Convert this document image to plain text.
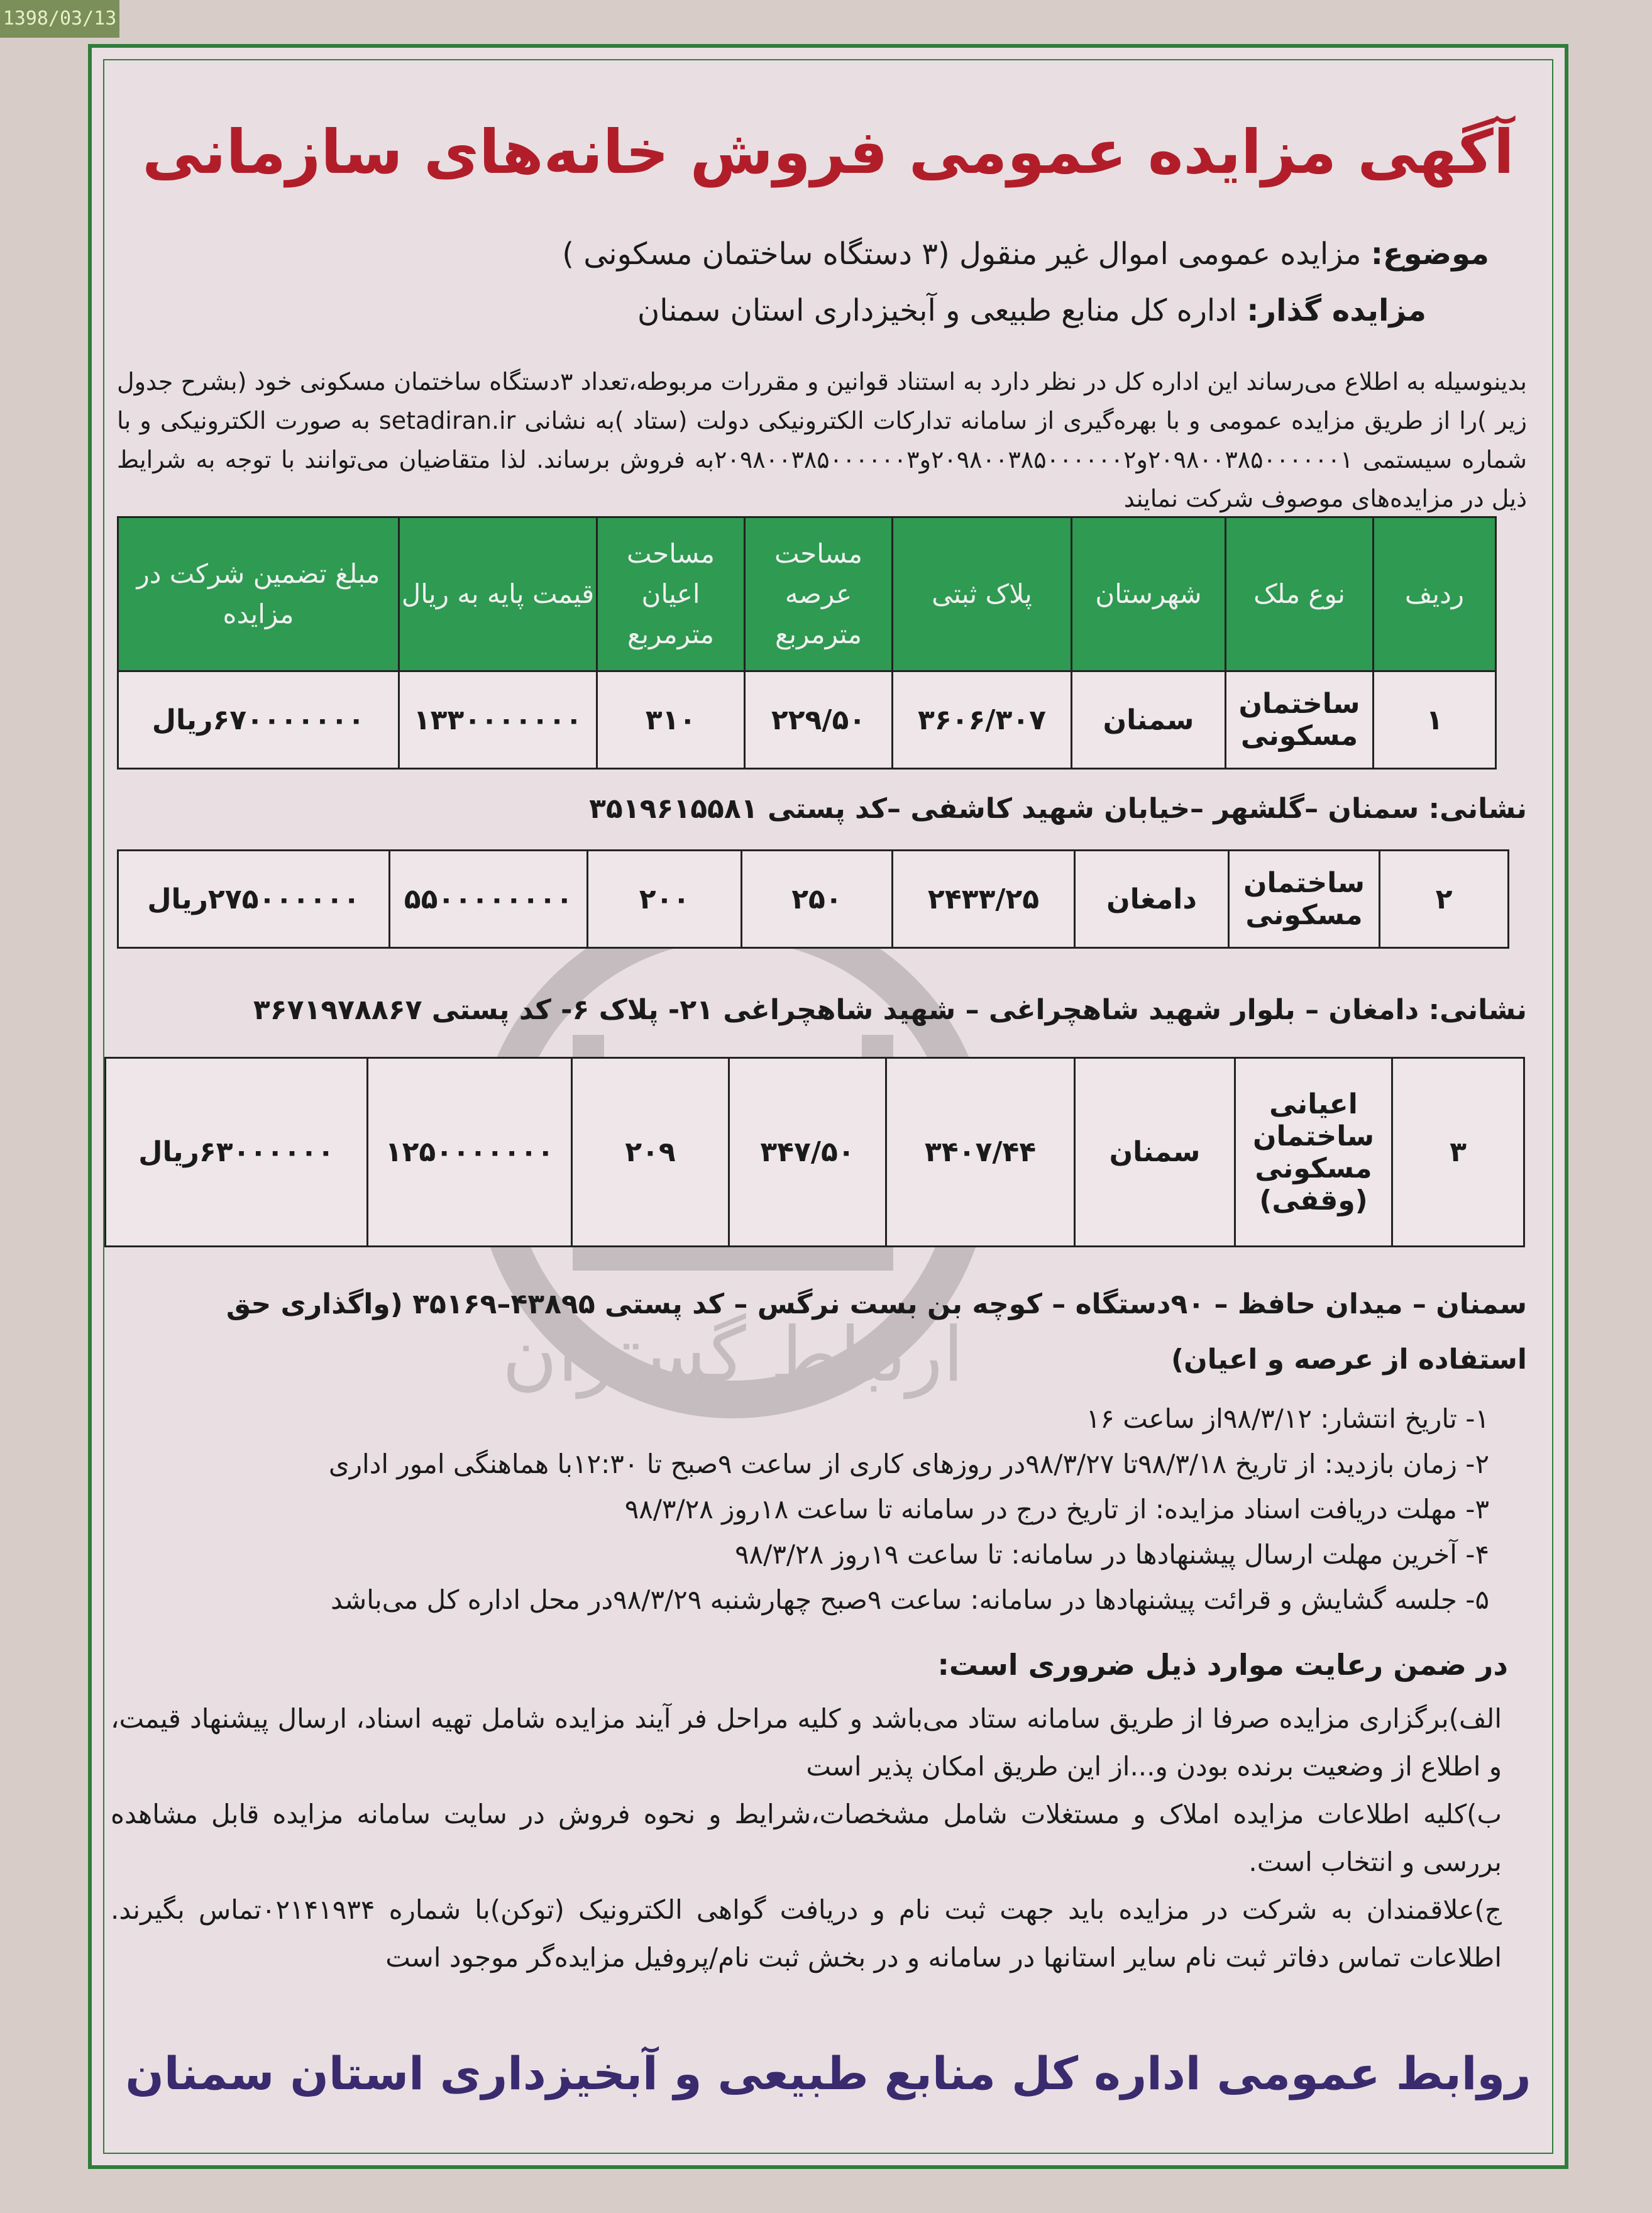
1398/03/13
آگهی مزایده عمومی فروش خانه‌های سازمانی
موضوع: مزایده عمومی اموال غیر منقول (۳ دستگاه ساختمان مسکونی )
مزایده گذار: اداره کل منابع طبیعی و آبخیزداری استان سمنان
بدینوسیله به اطلاع می‌رساند این اداره کل در نظر دارد به استناد قوانین و مقررات مربوطه،تعداد ۳دستگاه ساختمان مسکونی خود (بشرح جدول زیر )را از طریق مزایده عمومی و با بهره‌گیری از سامانه تدارکات الکترونیکی دولت (ستاد )به نشانی setadiran.ir به صورت الکترونیکی و با شماره سیستمی ۲۰۹۸۰۰۳۸۵۰۰۰۰۰۰۱و۲۰۹۸۰۰۳۸۵۰۰۰۰۰۰۲و۲۰۹۸۰۰۳۸۵۰۰۰۰۰۰۳به فروش برساند. لذا متقاضیان می‌توانند با توجه به شرایط ذیل در مزایده‌های موصوف شرکت نمایند
ارتباط گستران
ردیف	نوع ملک	شهرستان	پلاک ثبتی	مساحت عرصه مترمربع	مساحت اعیان مترمربع	قیمت پایه به ریال	مبلغ تضمین شرکت در مزایده
۱	ساختمان مسکونی	سمنان	۳۶۰۶/۳۰۷	۲۲۹/۵۰	۳۱۰	۱۳۳۰۰۰۰۰۰۰	۶۷۰۰۰۰۰۰۰ریال
نشانی: سمنان –گلشهر –خیابان شهید کاشفی –کد پستی ۳۵۱۹۶۱۵۵۸۱
۲	ساختمان مسکونی	دامغان	۲۴۳۳/۲۵	۲۵۰	۲۰۰	۵۵۰۰۰۰۰۰۰۰	۲۷۵۰۰۰۰۰۰ریال
نشانی: دامغان – بلوار شهید شاهچراغی – شهید شاهچراغی ۲۱- پلاک ۶- کد پستی ۳۶۷۱۹۷۸۸۶۷
۳	اعیانی ساختمان مسکونی (وقفی)	سمنان	۳۴۰۷/۴۴	۳۴۷/۵۰	۲۰۹	۱۲۵۰۰۰۰۰۰۰	۶۳۰۰۰۰۰۰ریال
سمنان – میدان حافظ – ۹۰دستگاه – کوچه بن بست نرگس – کد پستی ۴۳۸۹۵–۳۵۱۶۹ (واگذاری حق استفاده از عرصه و اعیان)
۱- تاریخ انتشار: ۹۸/۳/۱۲از ساعت ۱۶
۲- زمان بازدید: از تاریخ ۹۸/۳/۱۸تا ۹۸/۳/۲۷در روزهای کاری از ساعت ۹صبح تا ۱۲:۳۰با هماهنگی امور اداری
۳- مهلت دریافت اسناد مزایده: از تاریخ درج در سامانه تا ساعت ۱۸روز ۹۸/۳/۲۸
۴- آخرین مهلت ارسال پیشنهادها در سامانه: تا ساعت ۱۹روز ۹۸/۳/۲۸
۵- جلسه گشایش و قرائت پیشنهادها در سامانه: ساعت ۹صبح چهارشنبه ۹۸/۳/۲۹در محل اداره کل می‌باشد
در ضمن رعایت موارد ذیل ضروری است:
الف)برگزاری مزایده صرفا از طریق سامانه ستاد می‌باشد و کلیه مراحل فر آیند مزایده شامل تهیه اسناد، ارسال پیشنهاد قیمت، و اطلاع از وضعیت برنده بودن و...از این طریق امکان پذیر است
ب)کلیه اطلاعات مزایده املاک و مستغلات شامل مشخصات،شرایط و نحوه فروش در سایت سامانه مزایده قابل مشاهده بررسی و انتخاب است.
ج)علاقمندان به شرکت در مزایده باید جهت ثبت نام و دریافت گواهی الکترونیک (توکن)با شماره ۰۲۱۴۱۹۳۴تماس بگیرند. اطلاعات تماس دفاتر ثبت نام سایر استانها در سامانه و در بخش ثبت نام/پروفیل مزایده‌گر موجود است
روابط عمومی اداره کل منابع طبیعی و آبخیزداری استان سمنان
